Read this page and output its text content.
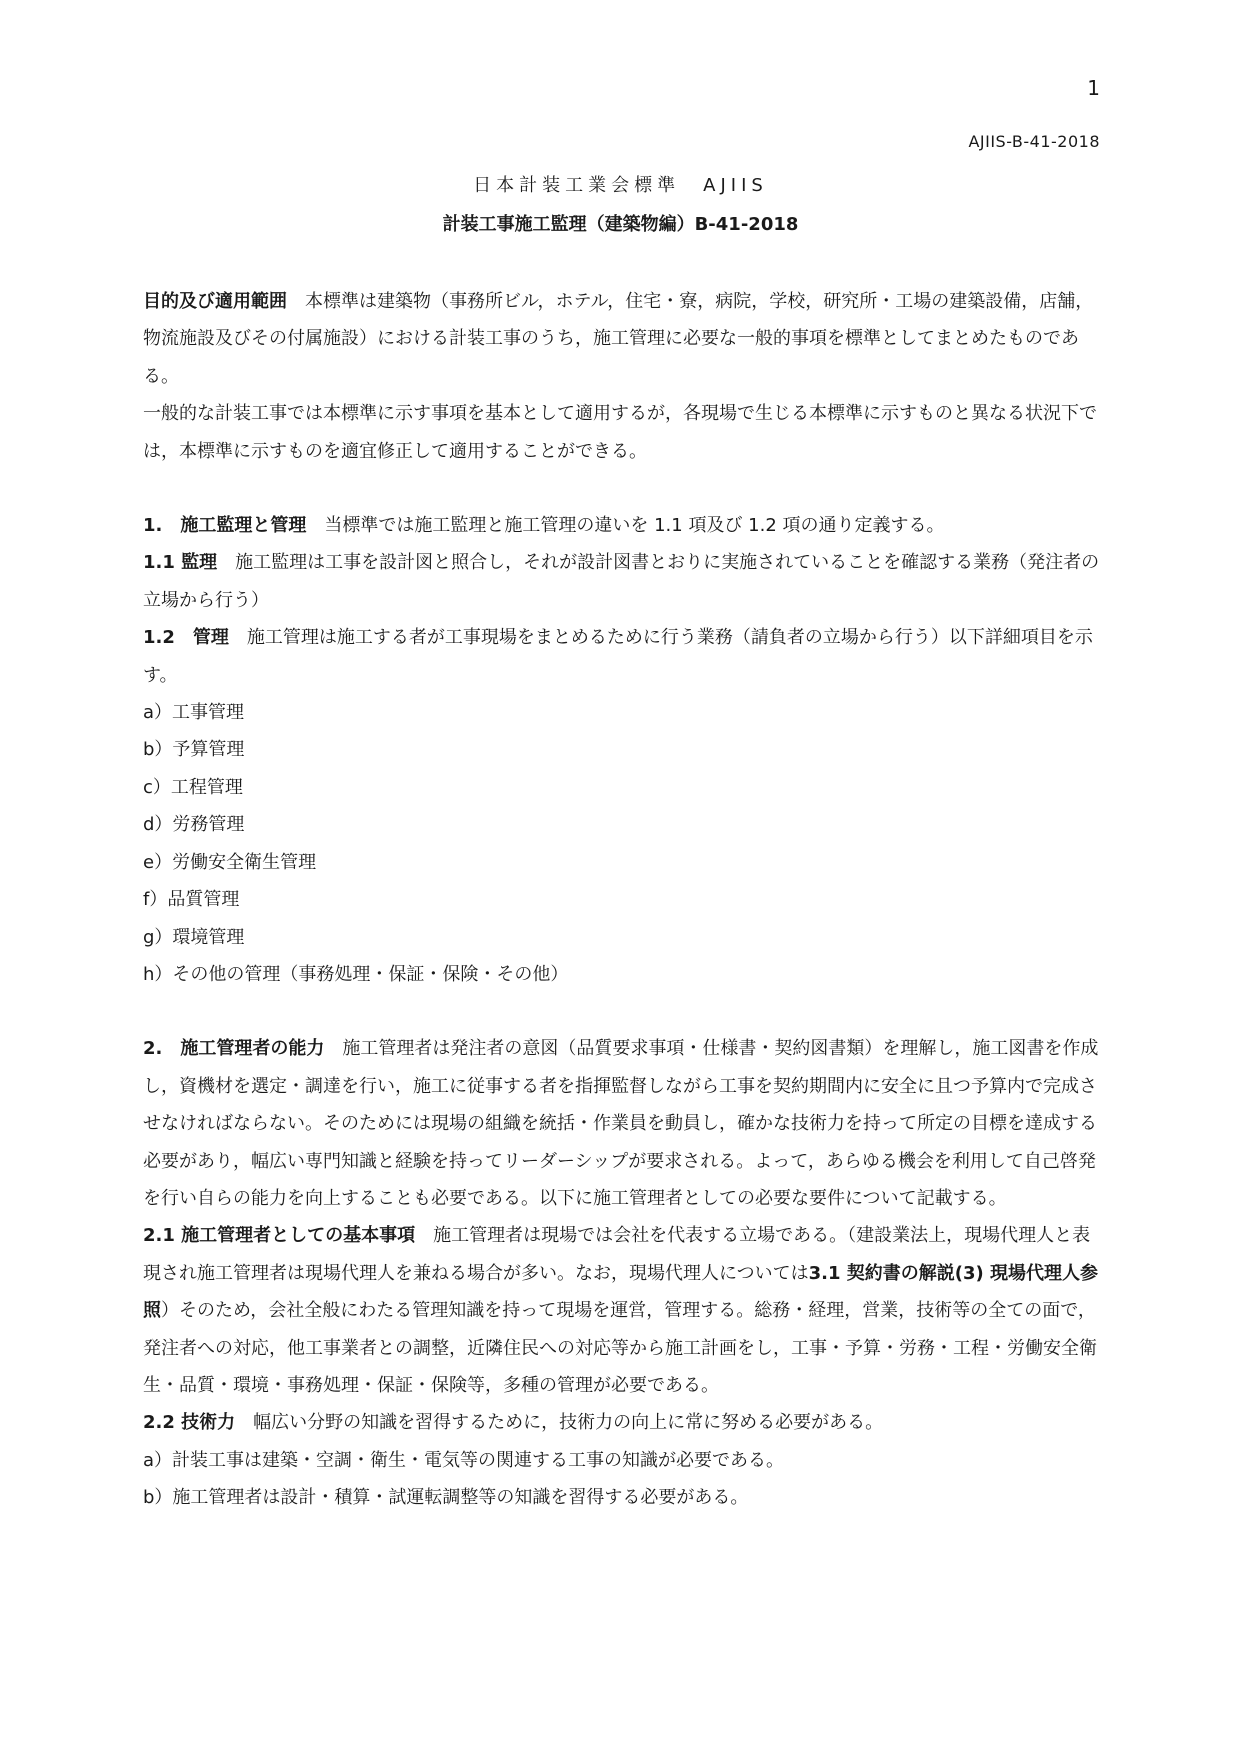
1
AJIIS-B-41-2018
日本計装工業会標準　AJIIS
計装工事施工監理（建築物編）B-41-2018

目的及び適用範囲　 本標準は建築物（事務所ビル，ホテル，住宅・寮，病院，学校，研究所・工場の建築設備，店舗，物流施設及びその付属施設）における計装工事のうち，施工管理に必要な一般的事項を標準としてまとめたものである。

一般的な計装工事では本標準に示す事項を基本として適用するが，各現場で生じる本標準に示すものと異なる状況下では，本標準に示すものを適宜修正して適用することができる。

1.　施工監理と管理　 当標準では施工監理と施工管理の違いを 1.1 項及び 1.2 項の通り定義する。

1.1 監理　 施工監理は工事を設計図と照合し，それが設計図書とおりに実施されていることを確認する業務（発注者の立場から行う）

1.2　管理　 施工管理は施工する者が工事現場をまとめるために行う業務（請負者の立場から行う）以下詳細項目を示す。

a）工事管理

b）予算管理

c）工程管理

d）労務管理

e）労働安全衛生管理

f）品質管理

g）環境管理

h）その他の管理（事務処理・保証・保険・その他）

2.　施工管理者の能力　 施工管理者は発注者の意図（品質要求事項・仕様書・契約図書類）を理解し，施工図書を作成し，資機材を選定・調達を行い，施工に従事する者を指揮監督しながら工事を契約期間内に安全に且つ予算内で完成させなければならない。そのためには現場の組織を統括・作業員を動員し，確かな技術力を持って所定の目標を達成する必要があり，幅広い専門知識と経験を持ってリーダーシップが要求される。よって，あらゆる機会を利用して自己啓発を行い自らの能力を向上することも必要である。以下に施工管理者としての必要な要件について記載する。

2.1 施工管理者としての基本事項　 施工管理者は現場では会社を代表する立場である。（建設業法上，現場代理人と表現され施工管理者は現場代理人を兼ねる場合が多い。なお，現場代理人については3.1 契約書の解説(3) 現場代理人参照）そのため，会社全般にわたる管理知識を持って現場を運営，管理する。総務・経理，営業，技術等の全ての面で，発注者への対応，他工事業者との調整，近隣住民への対応等から施工計画をし，工事・予算・労務・工程・労働安全衛生・品質・環境・事務処理・保証・保険等，多種の管理が必要である。

2.2 技術力　 幅広い分野の知識を習得するために，技術力の向上に常に努める必要がある。

a）計装工事は建築・空調・衛生・電気等の関連する工事の知識が必要である。

b）施工管理者は設計・積算・試運転調整等の知識を習得する必要がある。
